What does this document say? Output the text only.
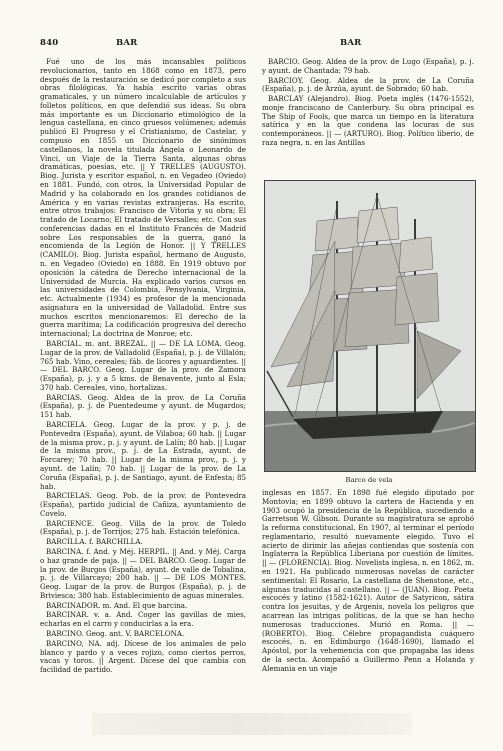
840	BAR	BAR

Fué uno de los más incansables políticos revolucionarios, tanto en 1868 como en 1873, pero después de la restauración se dedicó por completo a sus obras filológicas. Ya había escrito varias obras gramaticales, y un número incalculable de artículos y folletos políticos, en que defendió sus ideas. Su obra más importante es un Diccionario etimológico de la lengua castellana, en cinco gruesos volúmenes; además publicó El Progreso y el Cristianismo, de Castelar, y compuso en 1855 un Diccionario de sinónimos castellanos, la novela titulada Ángela o Leonardo de Vinci, un Viaje de la Tierra Santa, algunas obras dramáticas, poesías, etc. || Y TRELLES (AUGUSTO). Biog. Jurista y escritor español, n. en Vegadeo (Oviedo) en 1881. Fundó, con otros, la Universidad Popular de Madrid y ha colaborado en los grandes cotidianos de América y en varias revistas extranjeras. Ha escrito, entre otros trabajos: Francisco de Vitoria y su obra; El tratado de Locarno; El tratado de Versalles; etc. Con sus conferencias dadas en el Instituto Francés de Madrid sobre Los responsables de la guerra, ganó la encomienda de la Legión de Honor. || Y TRELLES (CAMILO). Biog. Jurista español, hermano de Augusto, n. en Vegadeo (Oviedo) en 1888. En 1919 obtuvo por oposición la cátedra de Derecho internacional de la Universidad de Murcia. Ha explicado varios cursos en las universidades de Colombia, Pensylvania, Virginia, etc. Actualmente (1934) es profesor de la mencionada asignatura en la universidad de Valladolid. Entre sus muchos escritos mencionaremos: El derecho de la guerra marítima; La codificación progresiva del derecho internacional; La doctrina de Monroe; etc.

BARCIAL. m. ant. BREZAL. || — DE LA LOMA. Geog. Lugar de la prov. de Valladolid (España), p. j. de Villalón; 765 hab. Vino, cereales; fáb. de licores y aguardientes. || — DEL BARCO. Geog. Lugar de la prov. de Zamora (España), p. j. y a 5 kms. de Benavente, junto al Esla; 370 hab. Cereales, vino, hortalizas.

BARCIAS. Geog. Aldea de la prov. de La Coruña (España), p. j. de Puentedeume y ayunt. de Mugardos; 151 hab.

BARCIELA. Geog. Lugar de la prov. y p. j. de Pontevedra (España), ayunt. de Vilaboa; 60 hab. || Lugar de la misma prov., p. j. y ayunt. de Lalín; 80 hab. || Lugar de la misma prov., p. j. de La Estrada, ayunt. de Forcarey; 70 hab. || Lugar de la misma prov., p. j. y ayunt. de Lalín; 70 hab. || Lugar de la prov. de La Coruña (España), p. j. de Santiago, ayunt. de Enfesta; 85 hab.

BARCIELAS. Geog. Pob. de la prov. de Pontevedra (España), partido judicial de Cañiza, ayuntamiento de Covelo.

BARCIENCE. Geog. Villa de la prov. de Toledo (España), p. j. de Torrijos; 275 hab. Estación telefónica.

BARCILLA. f. BARCHILLA.

BARCINA. f. And. y Méj. HERPIL. || And. y Méj. Carga o haz grande de paja. || — DEL BARCO. Geog. Lugar de la prov. de Burgos (España), ayunt. de valle de Tobalina, p. j. de Villarcayo; 200 hab. || — DE LOS MONTES. Geog. Lugar de la prov. de Burgos (España), p. j. de Briviesca; 380 hab. Establecimiento de aguas minerales.

BARCINADOR. m. And. El que barcina.

BARCINAR. v. a. And. Coger las gavillas de mies, echarlas en el carro y conducirlas a la era.

BARCINO. Geog. ant. V. BARCELONA.

BARCINO, NA. adj. Dícese de los animales de pelo blanco y pardo y a veces rojizo, como ciertos perros, vacas y toros. || Argent. Dícese del que cambia con facilidad de partido.

BARCIO. Geog. Aldea de la prov. de Lugo (España), p. j. y ayunt. de Chantada; 79 hab.

BARCIOY. Geog. Aldea de la prov. de La Coruña (España), p. j. de Arzúa, ayunt. de Sobrado; 60 hab.

BARCLAY (Alejandro). Biog. Poeta inglés (1476-1552), monje franciscano de Canterbury. Su obra principal es The Ship of Fools, que marca un tiempo en la literatura satírica y en la que condena las locuras de sus contemporáneos. || — (ARTURO). Biog. Político liberio, de raza negra, n. en las Antillas

Barco de vela

inglesas en 1857. En 1898 fué elegido diputado por Montovia; en 1899 obtuvo la cartera de Hacienda y en 1903 ocupó la presidencia de la República, sucediendo a Garretson W. Gibson. Durante su magistratura se aprobó la reforma constitucional. En 1907, al terminar el período reglamentario, resultó nuevamente elegido. Tuvo el acierto de dirimir las añejas contiendas que sostenía con Inglaterra la República Liberiana por cuestión de límites. || — (FLORENCIA). Biog. Novelista inglesa, n. en 1862, m. en 1921. Ha publicado numerosas novelas de carácter sentimental: El Rosario, La castellana de Shenstone, etc., algunas traducidas al castellano. || — (JUAN). Biog. Poeta escocés y latino (1582-1621). Autor de Satyricon, sátira contra los jesuitas, y de Argenis, novela los peligros que acarrean las intrigas políticas, de la que se han hecho numerosas traducciones. Murió en Roma. || — (ROBERTO). Biog. Célebre propagandista cuáquero escocés, n. en Edimburgo (1648-1690), llamado el Apóstol, por la vehemencia con que propagaba las ideas de la secta. Acompañó a Guillermo Penn a Holanda y Alemania en un viaje
